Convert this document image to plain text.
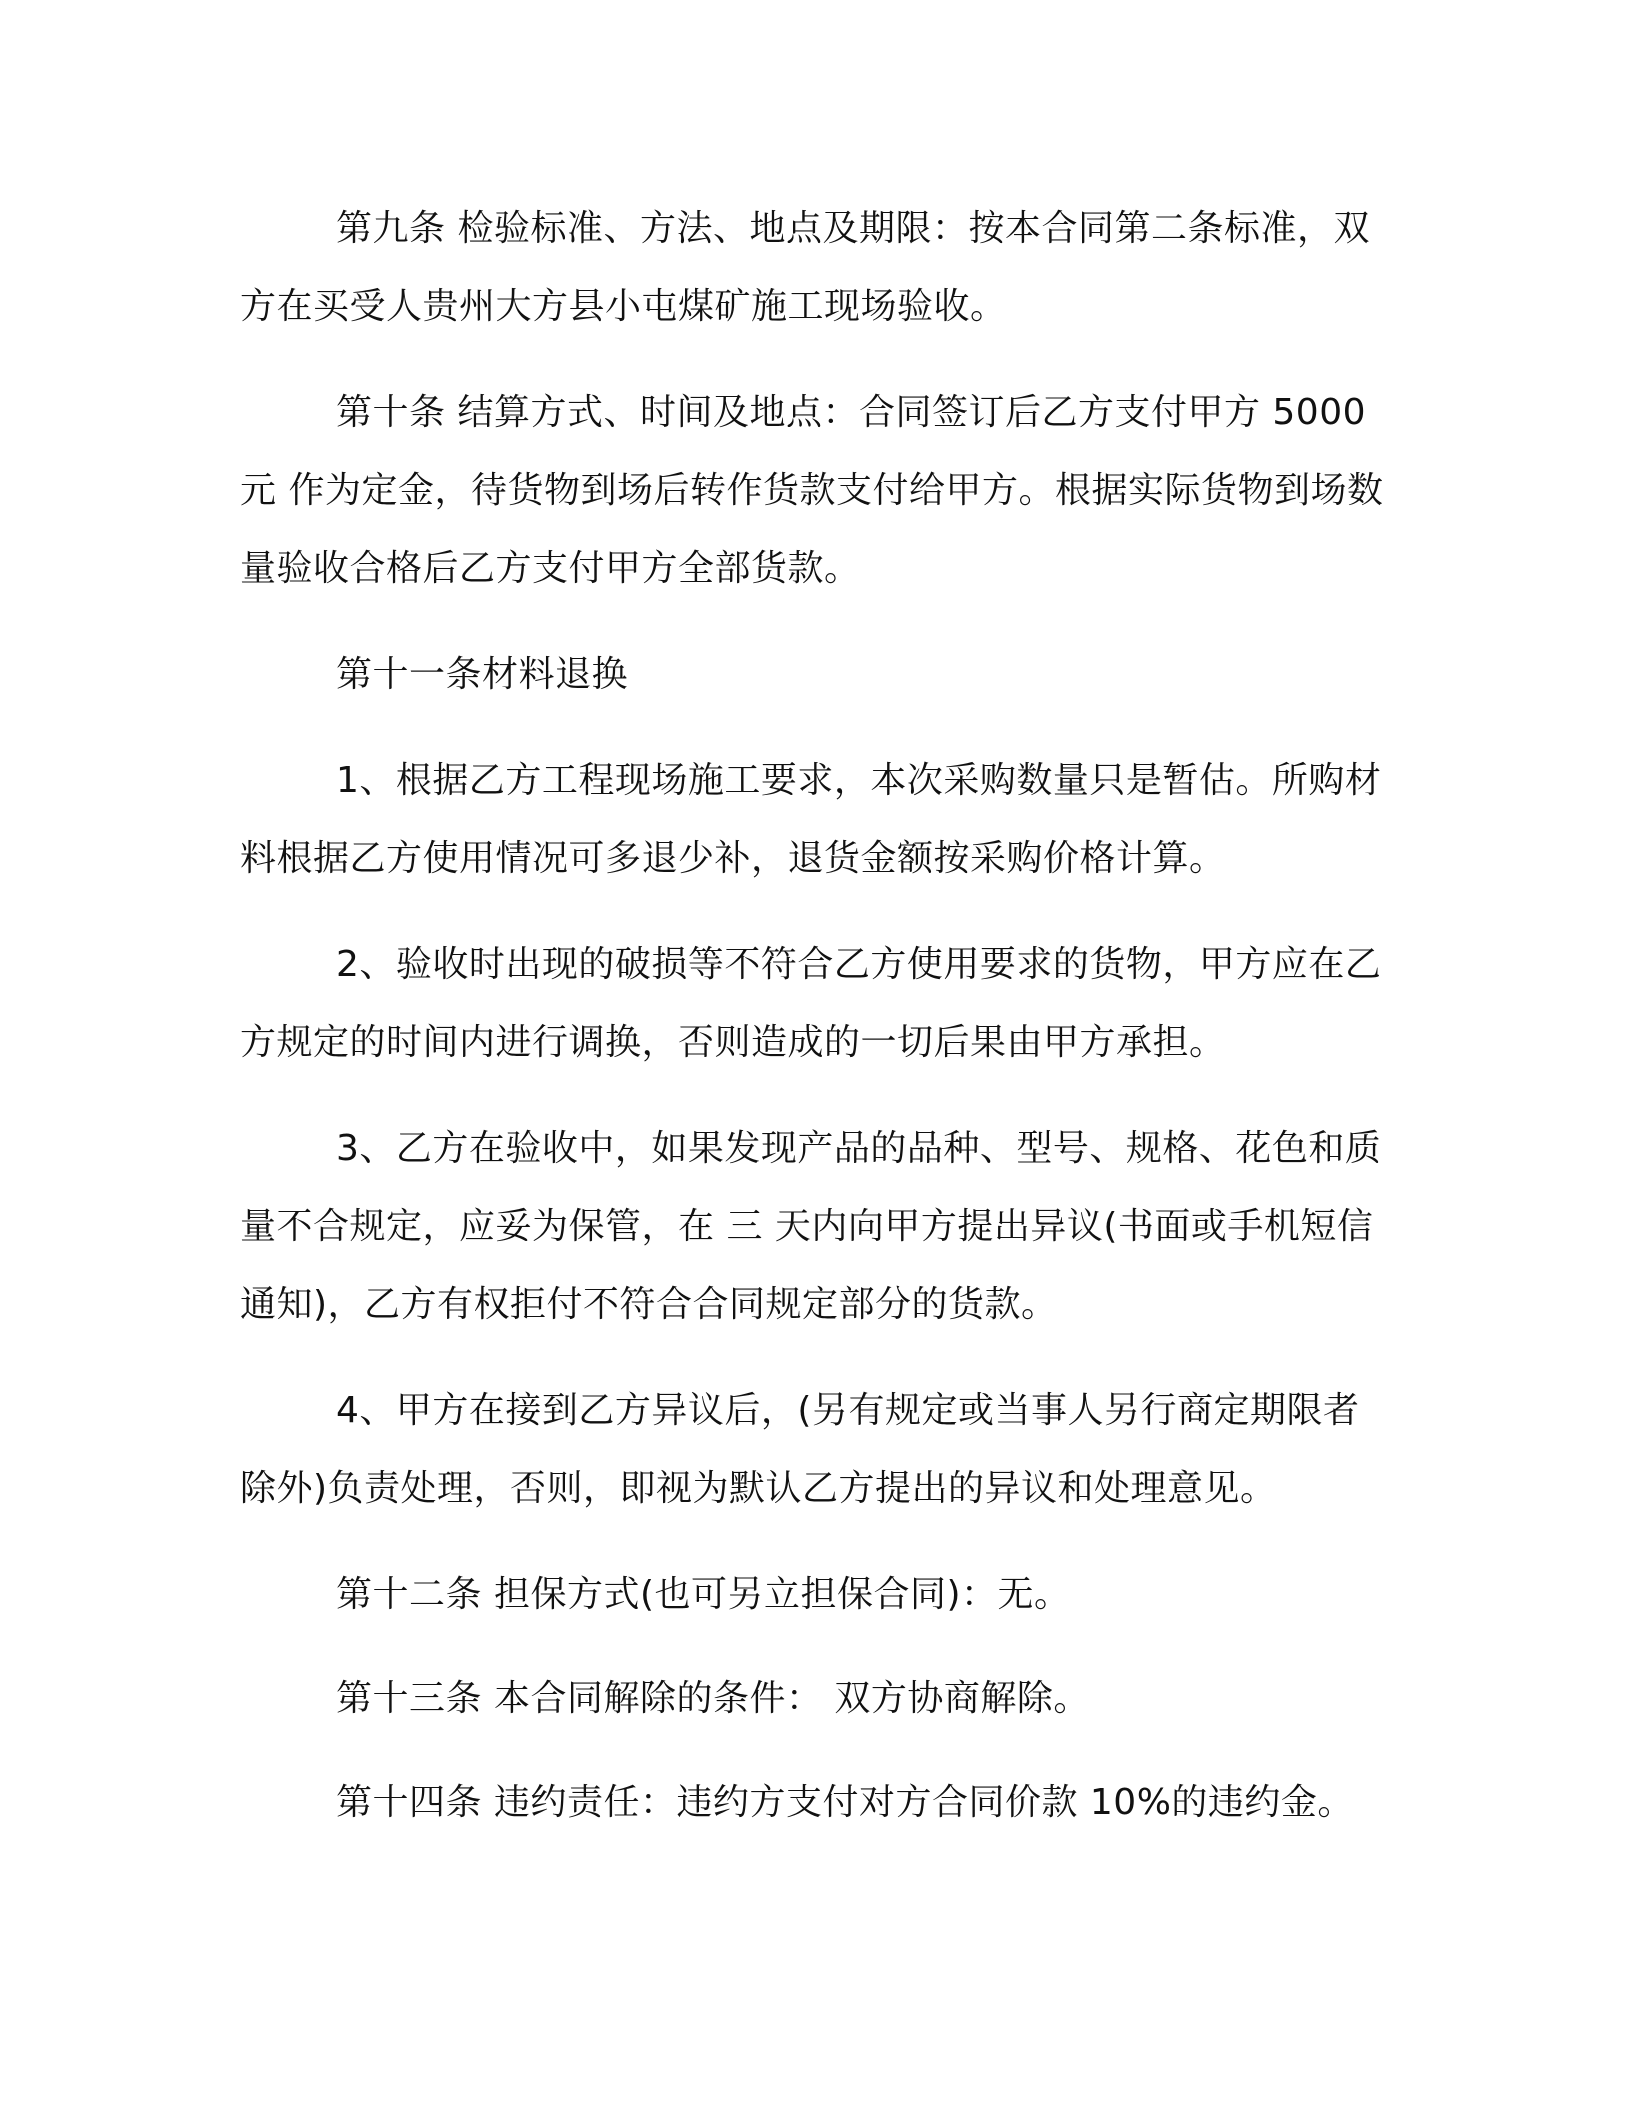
第九条 检验标准、方法、地点及期限：按本合同第二条标准，双方在买受人贵州大方县小屯煤矿施工现场验收。

第十条 结算方式、时间及地点：合同签订后乙方支付甲方 5000 元 作为定金，待货物到场后转作货款支付给甲方。根据实际货物到场数量验收合格后乙方支付甲方全部货款。

第十一条材料退换

1、根据乙方工程现场施工要求，本次采购数量只是暂估。所购材料根据乙方使用情况可多退少补，退货金额按采购价格计算。

2、验收时出现的破损等不符合乙方使用要求的货物，甲方应在乙方规定的时间内进行调换，否则造成的一切后果由甲方承担。

3、乙方在验收中，如果发现产品的品种、型号、规格、花色和质量不合规定，应妥为保管，在 三 天内向甲方提出异议(书面或手机短信通知)，乙方有权拒付不符合合同规定部分的货款。

4、甲方在接到乙方异议后，(另有规定或当事人另行商定期限者除外)负责处理，否则，即视为默认乙方提出的异议和处理意见。

第十二条 担保方式(也可另立担保合同)：无。

第十三条 本合同解除的条件： 双方协商解除。

第十四条 违约责任：违约方支付对方合同价款 10%的违约金。
